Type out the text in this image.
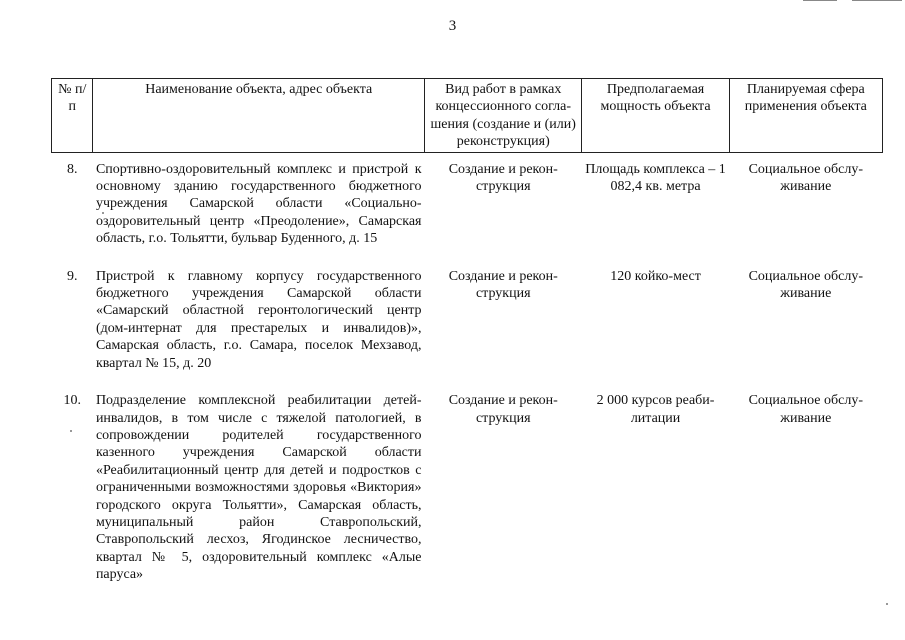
3
№ п/п	Наименование объекта, адрес объекта	Вид работ в рамках концессионного согла-шения (создание и (или) реконструкция)	Предполагаемая мощность объекта	Планируемая сфера применения объекта

8.	Спортивно-оздоровительный комплекс и пристрой к основному зданию государственного бюджетного учреждения Самарской области «Социально-оздоровительный центр «Преодоление», Самарская область, г.о. Тольятти, бульвар Буденного, д. 15	Создание и рекон-струкция	Площадь комплекса – 1 082,4 кв. метра	Социальное обслу-живание
9.	Пристрой к главному корпусу государственного бюджетного учреждения Самарской области «Самарский областной геронтологический центр (дом-интернат для престарелых и инвалидов)», Самарская область, г.о. Самара, поселок Мехзавод, квартал № 15, д. 20	Создание и рекон-струкция	120 койко-мест	Социальное обслу-живание
10.	Подразделение комплексной реабилитации детей-инвалидов, в том числе с тяжелой патологией, в сопровождении родителей государственного казенного учреждения Самарской области «Реабилитационный центр для детей и подростков с ограниченными возможностями здоровья «Виктория» городского округа Тольятти», Самарская область, муниципальный район Ставропольский, Ставропольский лесхоз, Ягодинское лесничество, квартал № 5, оздоровительный комплекс «Алые паруса»	Создание и рекон-струкция	2 000 курсов реаби-литации	Социальное обслу-живание
